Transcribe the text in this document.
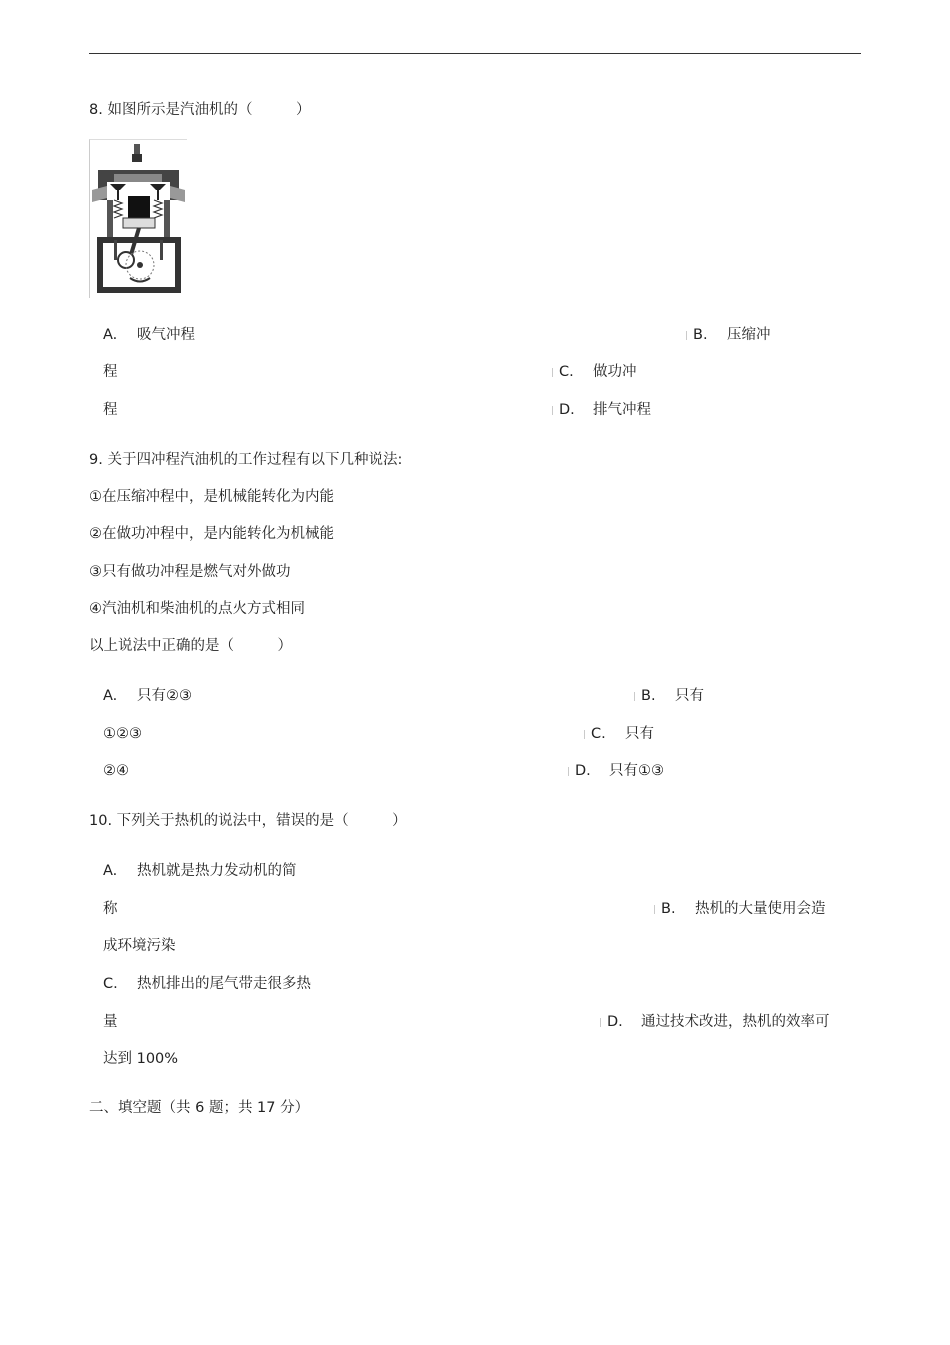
8. 如图所示是汽油机的（　　　）
A. 吸气冲程	| B. 压缩冲
程	| C. 做功冲
程	| D. 排气冲程
9. 关于四冲程汽油机的工作过程有以下几种说法:
①在压缩冲程中，是机械能转化为内能
②在做功冲程中，是内能转化为机械能
③只有做功冲程是燃气对外做功
④汽油机和柴油机的点火方式相同
以上说法中正确的是（　　　）
A. 只有②③	| B. 只有
①②③	| C. 只有
②④	| D. 只有①③
10. 下列关于热机的说法中，错误的是（　　　）
A. 热机就是热力发动机的简
称	| B. 热机的大量使用会造
成环境污染
C. 热机排出的尾气带走很多热
量	| D. 通过技术改进，热机的效率可
达到 100%
二、填空题（共 6 题；共 17 分）
